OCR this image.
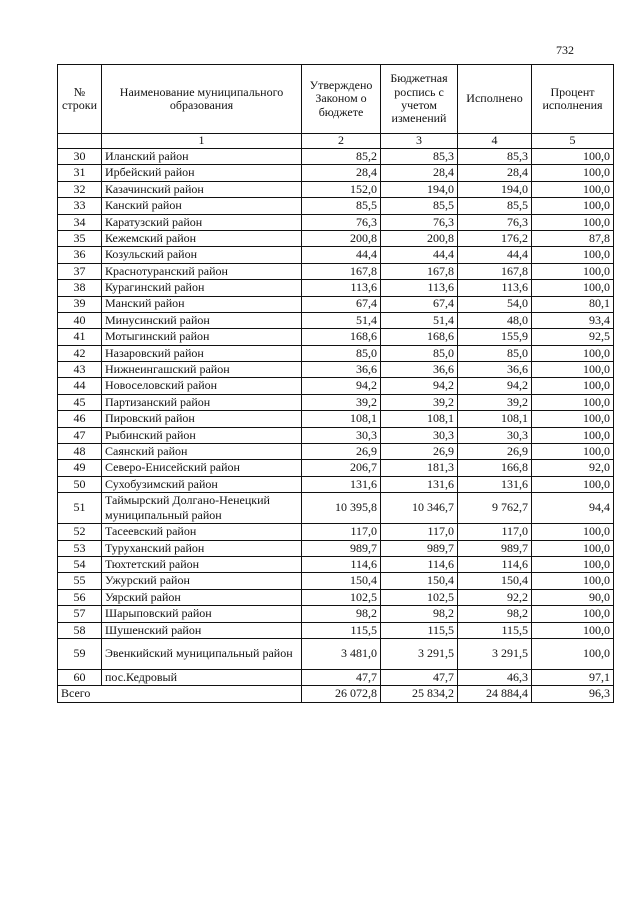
732
№ строки	Наименование муниципального образования	Утверждено Законом о бюджете	Бюджетная роспись с учетом изменений	Исполнено	Процент исполнения
	1	2	3	4	5
30	Иланский район	85,2	85,3	85,3	100,0
31	Ирбейский район	28,4	28,4	28,4	100,0
32	Казачинский район	152,0	194,0	194,0	100,0
33	Канский район	85,5	85,5	85,5	100,0
34	Каратузский район	76,3	76,3	76,3	100,0
35	Кежемский район	200,8	200,8	176,2	87,8
36	Козульский район	44,4	44,4	44,4	100,0
37	Краснотуранский район	167,8	167,8	167,8	100,0
38	Курагинский район	113,6	113,6	113,6	100,0
39	Манский район	67,4	67,4	54,0	80,1
40	Минусинский район	51,4	51,4	48,0	93,4
41	Мотыгинский район	168,6	168,6	155,9	92,5
42	Назаровский район	85,0	85,0	85,0	100,0
43	Нижнеингашский район	36,6	36,6	36,6	100,0
44	Новоселовский район	94,2	94,2	94,2	100,0
45	Партизанский район	39,2	39,2	39,2	100,0
46	Пировский район	108,1	108,1	108,1	100,0
47	Рыбинский район	30,3	30,3	30,3	100,0
48	Саянский район	26,9	26,9	26,9	100,0
49	Северо-Енисейский район	206,7	181,3	166,8	92,0
50	Сухобузимский район	131,6	131,6	131,6	100,0
51	Таймырский Долгано-Ненецкий муниципальный район	10 395,8	10 346,7	9 762,7	94,4
52	Тасеевский район	117,0	117,0	117,0	100,0
53	Туруханский район	989,7	989,7	989,7	100,0
54	Тюхтетский район	114,6	114,6	114,6	100,0
55	Ужурский район	150,4	150,4	150,4	100,0
56	Уярский район	102,5	102,5	92,2	90,0
57	Шарыповский район	98,2	98,2	98,2	100,0
58	Шушенский район	115,5	115,5	115,5	100,0
59	Эвенкийский муниципальный район	3 481,0	3 291,5	3 291,5	100,0
60	пос.Кедровый	47,7	47,7	46,3	97,1
Всего		26 072,8	25 834,2	24 884,4	96,3
